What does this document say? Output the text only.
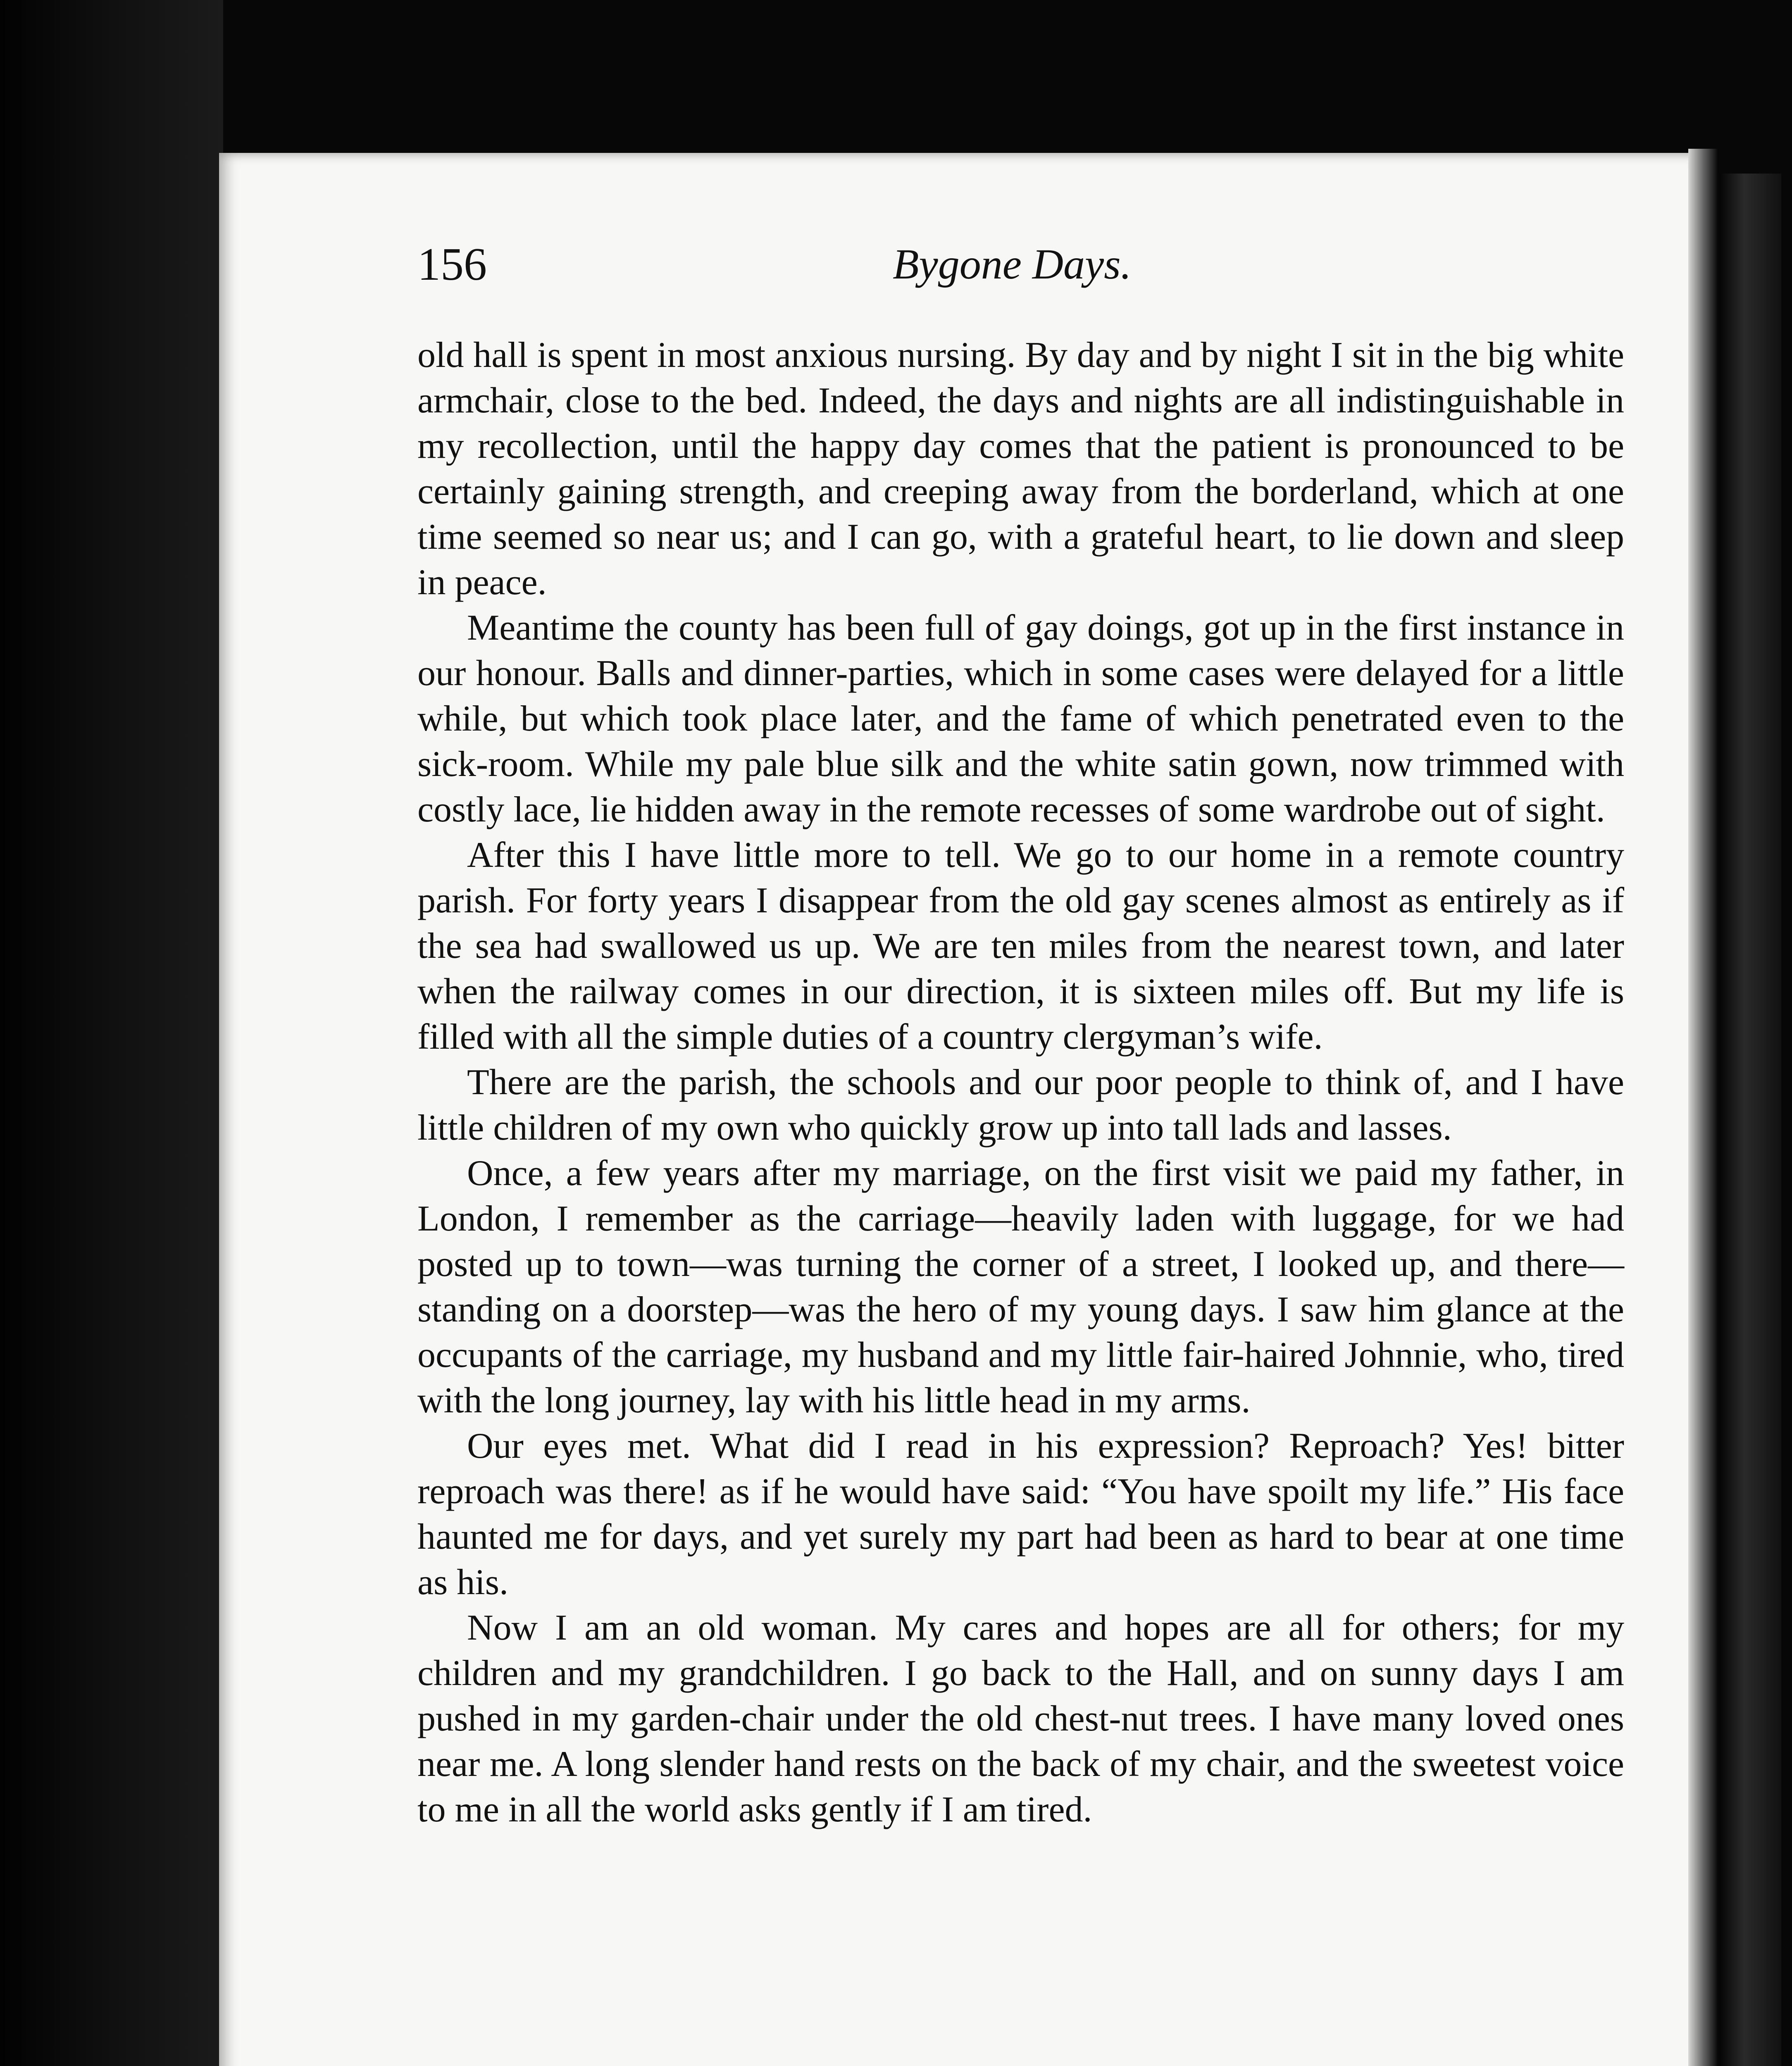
156	Bygone Days.

old hall is spent in most anxious nursing. By day and by night I sit in the big white armchair, close to the bed. Indeed, the days and nights are all indistinguishable in my recollection, until the happy day comes that the patient is pronounced to be certainly gaining strength, and creeping away from the borderland, which at one time seemed so near us; and I can go, with a grateful heart, to lie down and sleep in peace.

Meantime the county has been full of gay doings, got up in the first instance in our honour. Balls and dinner-parties, which in some cases were delayed for a little while, but which took place later, and the fame of which penetrated even to the sick-room. While my pale blue silk and the white satin gown, now trimmed with costly lace, lie hidden away in the remote recesses of some wardrobe out of sight.

After this I have little more to tell. We go to our home in a remote country parish. For forty years I disappear from the old gay scenes almost as entirely as if the sea had swallowed us up. We are ten miles from the nearest town, and later when the railway comes in our direction, it is sixteen miles off. But my life is filled with all the simple duties of a country clergyman’s wife.

There are the parish, the schools and our poor people to think of, and I have little children of my own who quickly grow up into tall lads and lasses.

Once, a few years after my marriage, on the first visit we paid my father, in London, I remember as the carriage—heavily laden with luggage, for we had posted up to town—was turning the corner of a street, I looked up, and there—standing on a doorstep—was the hero of my young days. I saw him glance at the occupants of the carriage, my husband and my little fair-haired Johnnie, who, tired with the long journey, lay with his little head in my arms.

Our eyes met. What did I read in his expression? Reproach? Yes! bitter reproach was there! as if he would have said: “You have spoilt my life.” His face haunted me for days, and yet surely my part had been as hard to bear at one time as his.

Now I am an old woman. My cares and hopes are all for others; for my children and my grandchildren. I go back to the Hall, and on sunny days I am pushed in my garden-chair under the old chest-nut trees. I have many loved ones near me. A long slender hand rests on the back of my chair, and the sweetest voice to me in all the world asks gently if I am tired.
